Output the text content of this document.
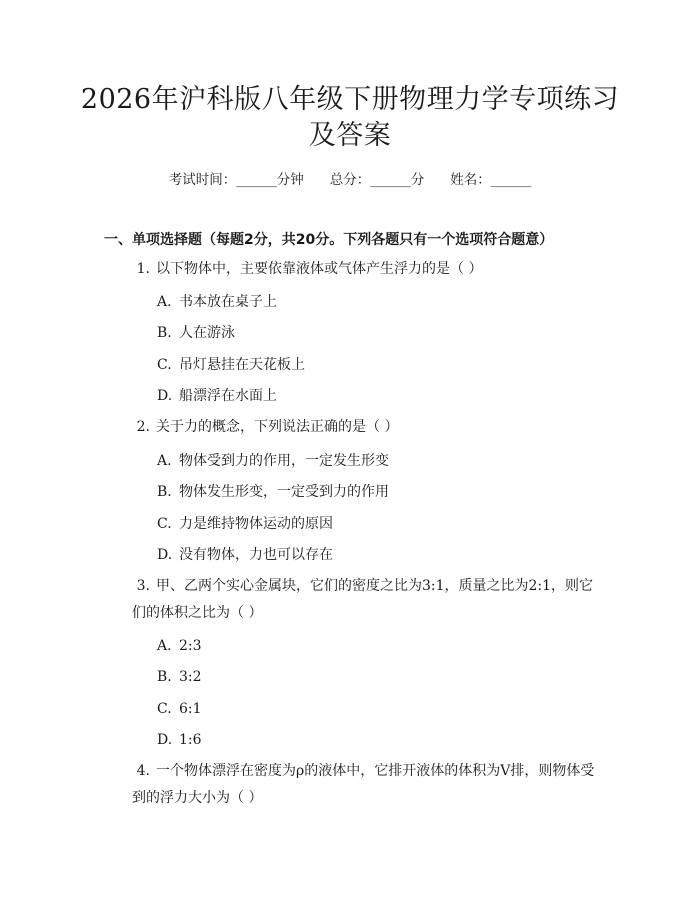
2026年沪科版八年级下册物理力学专项练习
及答案
考试时间：______分钟 总分：______分 姓名：______
一、单项选择题（每题2分，共20分。下列各题只有一个选项符合题意）
1. 以下物体中，主要依靠液体或气体产生浮力的是（ ）
A. 书本放在桌子上
B. 人在游泳
C. 吊灯悬挂在天花板上
D. 船漂浮在水面上
2. 关于力的概念，下列说法正确的是（ ）
A. 物体受到力的作用，一定发生形变
B. 物体发生形变，一定受到力的作用
C. 力是维持物体运动的原因
D. 没有物体，力也可以存在
3. 甲、乙两个实心金属块，它们的密度之比为3:1，质量之比为2:1，则它
们的体积之比为（ ）
A. 2:3
B. 3:2
C. 6:1
D. 1:6
4. 一个物体漂浮在密度为ρ的液体中，它排开液体的体积为V排，则物体受
到的浮力大小为（ ）
